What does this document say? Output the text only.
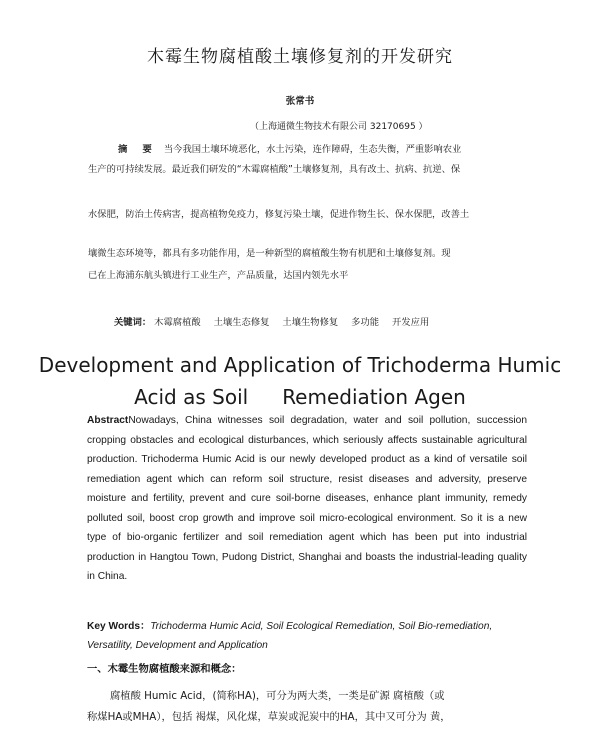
木霉生物腐植酸土壤修复剂的开发研究
张常书
（上海通微生物技术有限公司 32170695 ）
摘 要 当今我国土壤环境恶化，水土污染，连作障碍，生态失衡，严重影响农业
生产的可持续发展。最近我们研发的“木霉腐植酸”土壤修复剂，具有改土、抗病、抗逆、保
水保肥，防治土传病害，提高植物免疫力，修复污染土壤，促进作物生长、保水保肥，改善土
壤微生态环境等，都具有多功能作用，是一种新型的腐植酸生物有机肥和土壤修复剂。现
已在上海浦东航头镇进行工业生产，产品质量，达国内领先水平
关键词： 木霉腐植酸 土壤生态修复 土壤生物修复 多功能 开发应用
Development and Application of Trichoderma Humic
Acid as Soil Remediation Agen
AbstractNowadays, China witnesses soil degradation, water and soil pollution, succession cropping obstacles and ecological disturbances, which seriously affects sustainable agricultural production. Trichoderma Humic Acid is our newly developed product as a kind of versatile soil remediation agent which can reform soil structure, resist diseases and adversity, preserve moisture and fertility, prevent and cure soil-borne diseases, enhance plant immunity, remedy polluted soil, boost crop growth and improve soil micro-ecological environment. So it is a new type of bio-organic fertilizer and soil remediation agent which has been put into industrial production in Hangtou Town, Pudong District, Shanghai and boasts the industrial-leading quality in China.
Key Words：Trichoderma Humic Acid, Soil Ecological Remediation, Soil Bio-remediation, Versatility, Development and Application
一、木霉生物腐植酸来源和概念：
腐植酸 Humic Acid，(简称HA)，可分为两大类，一类是矿源 腐植酸（或
称煤HA或MHA），包括 褐煤，风化煤，草炭或泥炭中的HA，其中又可分为 黄，
